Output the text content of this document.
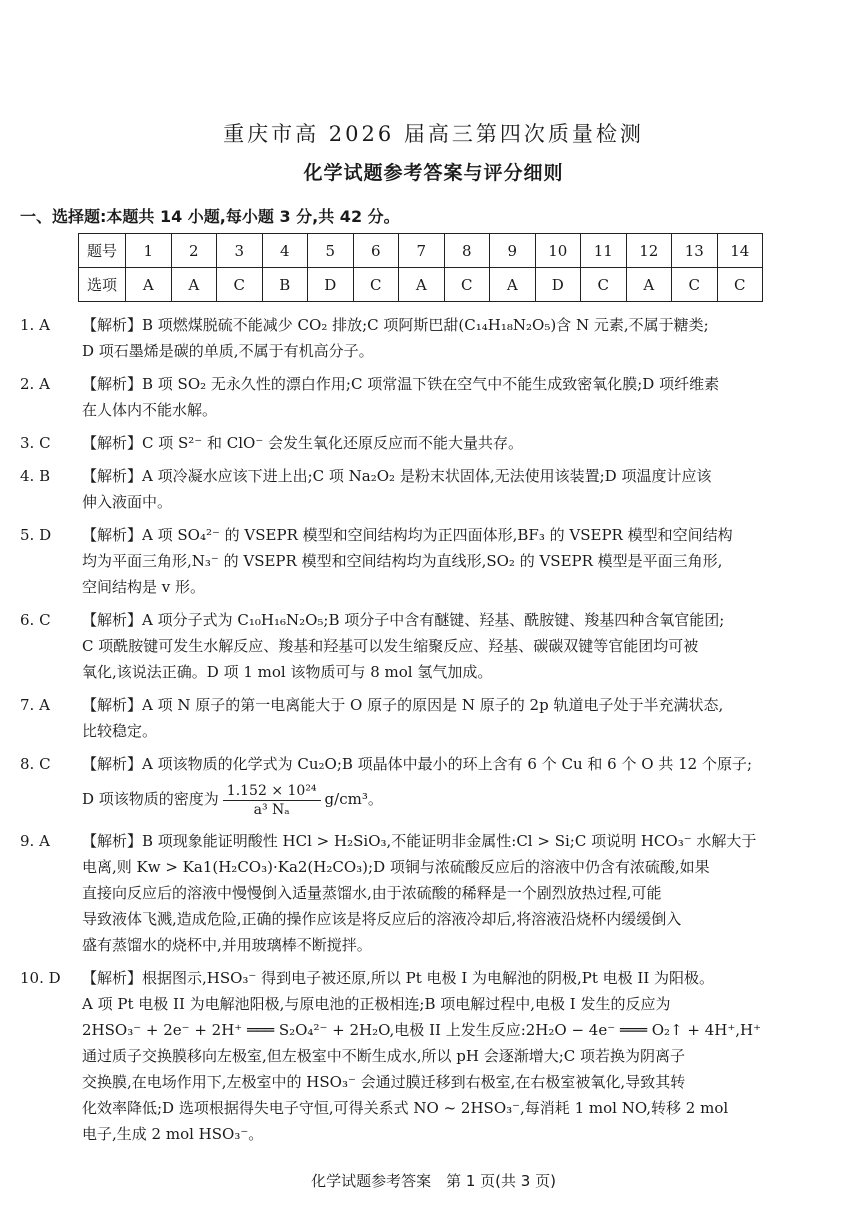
重庆市高 2026 届高三第四次质量检测
化学试题参考答案与评分细则
一、选择题:本题共 14 小题,每小题 3 分,共 42 分。
题号	1	2	3	4	5	6	7	8	9	10	11	12	13	14
选项	A	A	C	B	D	C	A	C	A	D	C	A	C	C
1. A 【解析】B 项燃煤脱硫不能减少 CO₂ 排放;C 项阿斯巴甜(C₁₄H₁₈N₂O₅)含 N 元素,不属于糖类;
D 项石墨烯是碳的单质,不属于有机高分子。
2. A 【解析】B 项 SO₂ 无永久性的漂白作用;C 项常温下铁在空气中不能生成致密氧化膜;D 项纤维素
在人体内不能水解。
3. C 【解析】C 项 S²⁻ 和 ClO⁻ 会发生氧化还原反应而不能大量共存。
4. B 【解析】A 项冷凝水应该下进上出;C 项 Na₂O₂ 是粉末状固体,无法使用该装置;D 项温度计应该
伸入液面中。
5. D 【解析】A 项 SO₄²⁻ 的 VSEPR 模型和空间结构均为正四面体形,BF₃ 的 VSEPR 模型和空间结构
均为平面三角形,N₃⁻ 的 VSEPR 模型和空间结构均为直线形,SO₂ 的 VSEPR 模型是平面三角形,
空间结构是 v 形。
6. C 【解析】A 项分子式为 C₁₀H₁₆N₂O₅;B 项分子中含有醚键、羟基、酰胺键、羧基四种含氧官能团;
C 项酰胺键可发生水解反应、羧基和羟基可以发生缩聚反应、羟基、碳碳双键等官能团均可被
氧化,该说法正确。D 项 1 mol 该物质可与 8 mol 氢气加成。
7. A 【解析】A 项 N 原子的第一电离能大于 O 原子的原因是 N 原子的 2p 轨道电子处于半充满状态,
比较稳定。
8. C 【解析】A 项该物质的化学式为 Cu₂O;B 项晶体中最小的环上含有 6 个 Cu 和 6 个 O 共 12 个原子;
D 项该物质的密度为 $\frac{\text{1.152 × 10²⁴}}{\text{a³ Nₐ}} g/cm^3$。
9. A 【解析】B 项现象能证明酸性 HCl > H₂SiO₃,不能证明非金属性:Cl > Si;C 项说明 HCO₃⁻ 水解大于
电离,则 Kw > Ka1(H₂CO₃)·Ka2(H₂CO₃);D 项铜与浓硫酸反应后的溶液中仍含有浓硫酸,如果
直接向反应后的溶液中慢慢倒入适量蒸馏水,由于浓硫酸的稀释是一个剧烈放热过程,可能
导致液体飞溅,造成危险,正确的操作应该是将反应后的溶液冷却后,将溶液沿烧杯内缓缓倒入
盛有蒸馏水的烧杯中,并用玻璃棒不断搅拌。
10. D 【解析】根据图示,HSO₃⁻ 得到电子被还原,所以 Pt 电极 I 为电解池的阴极,Pt 电极 II 为阳极。
A 项 Pt 电极 II 为电解池阳极,与原电池的正极相连;B 项电解过程中,电极 I 发生的反应为
2HSO₃⁻ + 2e⁻ + 2H⁺ ═══ S₂O₄²⁻ + 2H₂O,电极 II 上发生反应:2H₂O − 4e⁻ ═══ O₂↑ + 4H⁺,H⁺
通过质子交换膜移向左极室,但左极室中不断生成水,所以 pH 会逐渐增大;C 项若换为阴离子
交换膜,在电场作用下,左极室中的 HSO₃⁻ 会通过膜迁移到右极室,在右极室被氧化,导致其转
化效率降低;D 选项根据得失电子守恒,可得关系式 NO ~ 2HSO₃⁻,每消耗 1 mol NO,转移 2 mol
电子,生成 2 mol HSO₃⁻。
化学试题参考答案　第 1 页(共 3 页)
